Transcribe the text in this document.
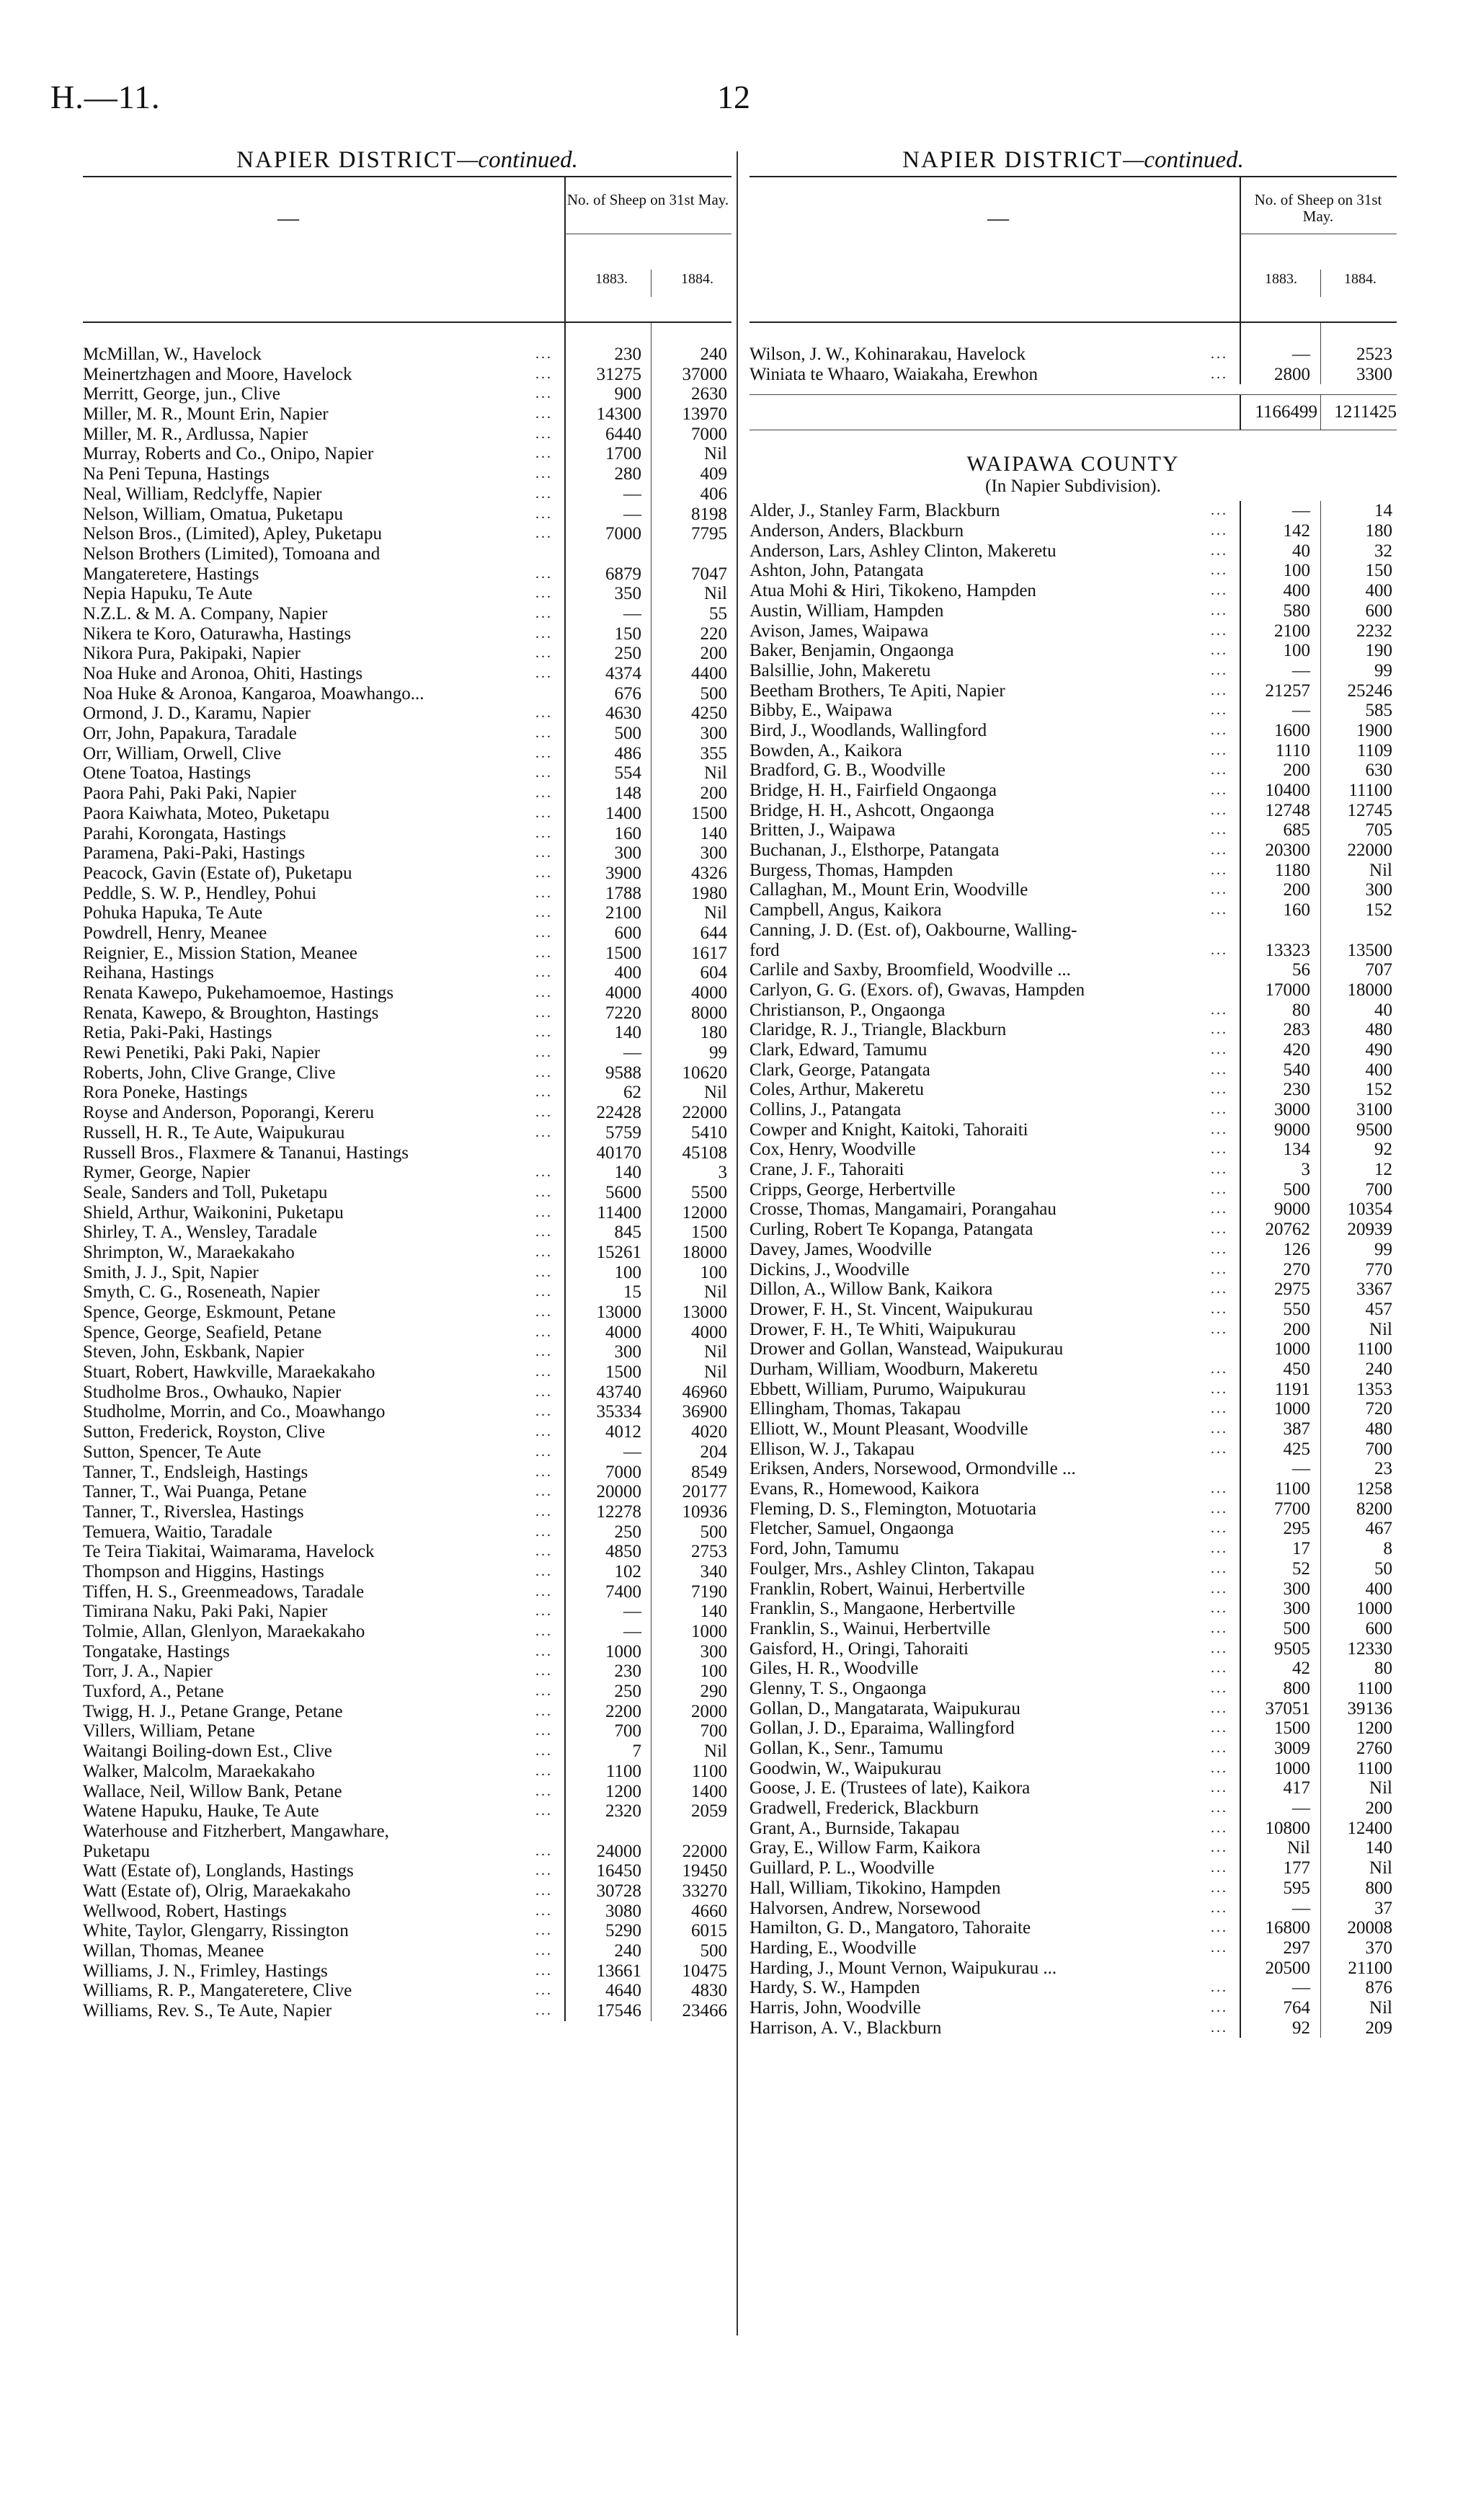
H.—11.	12
NAPIER DISTRICT—continued.
—
No. of Sheep on 31st May.
1883.	1884.
McMillan, W., Havelock	...	230	240
Meinertzhagen and Moore, Havelock	...	31275	37000
Merritt, George, jun., Clive	...	900	2630
Miller, M. R., Mount Erin, Napier	...	14300	13970
Miller, M. R., Ardlussa, Napier	...	6440	7000
Murray, Roberts and Co., Onipo, Napier	...	1700	Nil
Na Peni Tepuna, Hastings	...	280	409
Neal, William, Redclyffe, Napier	...	—	406
Nelson, William, Omatua, Puketapu	...	—	8198
Nelson Bros., (Limited), Apley, Puketapu	...	7000	7795
Nelson Brothers (Limited), Tomoana and
Mangateretere, Hastings	...	6879	7047
Nepia Hapuku, Te Aute	...	350	Nil
N.Z.L. & M. A. Company, Napier	...	—	55
Nikera te Koro, Oaturawha, Hastings	...	150	220
Nikora Pura, Pakipaki, Napier	...	250	200
Noa Huke and Aronoa, Ohiti, Hastings	...	4374	4400
Noa Huke & Aronoa, Kangaroa, Moawhango...	676	500
Ormond, J. D., Karamu, Napier	...	4630	4250
Orr, John, Papakura, Taradale	...	500	300
Orr, William, Orwell, Clive	...	486	355
Otene Toatoa, Hastings	...	554	Nil
Paora Pahi, Paki Paki, Napier	...	148	200
Paora Kaiwhata, Moteo, Puketapu	...	1400	1500
Parahi, Korongata, Hastings	...	160	140
Paramena, Paki-Paki, Hastings	...	300	300
Peacock, Gavin (Estate of), Puketapu	...	3900	4326
Peddle, S. W. P., Hendley, Pohui	...	1788	1980
Pohuka Hapuka, Te Aute	...	2100	Nil
Powdrell, Henry, Meanee	...	600	644
Reignier, E., Mission Station, Meanee	...	1500	1617
Reihana, Hastings	...	400	604
Renata Kawepo, Pukehamoemoe, Hastings	...	4000	4000
Renata, Kawepo, & Broughton, Hastings	...	7220	8000
Retia, Paki-Paki, Hastings	...	140	180
Rewi Penetiki, Paki Paki, Napier	...	—	99
Roberts, John, Clive Grange, Clive	...	9588	10620
Rora Poneke, Hastings	...	62	Nil
Royse and Anderson, Poporangi, Kereru	...	22428	22000
Russell, H. R., Te Aute, Waipukurau	...	5759	5410
Russell Bros., Flaxmere & Tananui, Hastings	40170	45108
Rymer, George, Napier	...	140	3
Seale, Sanders and Toll, Puketapu	...	5600	5500
Shield, Arthur, Waikonini, Puketapu	...	11400	12000
Shirley, T. A., Wensley, Taradale	...	845	1500
Shrimpton, W., Maraekakaho	...	15261	18000
Smith, J. J., Spit, Napier	...	100	100
Smyth, C. G., Roseneath, Napier	...	15	Nil
Spence, George, Eskmount, Petane	...	13000	13000
Spence, George, Seafield, Petane	...	4000	4000
Steven, John, Eskbank, Napier	...	300	Nil
Stuart, Robert, Hawkville, Maraekakaho	...	1500	Nil
Studholme Bros., Owhauko, Napier	...	43740	46960
Studholme, Morrin, and Co., Moawhango	...	35334	36900
Sutton, Frederick, Royston, Clive	...	4012	4020
Sutton, Spencer, Te Aute	...	—	204
Tanner, T., Endsleigh, Hastings	...	7000	8549
Tanner, T., Wai Puanga, Petane	...	20000	20177
Tanner, T., Riverslea, Hastings	...	12278	10936
Temuera, Waitio, Taradale	...	250	500
Te Teira Tiakitai, Waimarama, Havelock	...	4850	2753
Thompson and Higgins, Hastings	...	102	340
Tiffen, H. S., Greenmeadows, Taradale	...	7400	7190
Timirana Naku, Paki Paki, Napier	...	—	140
Tolmie, Allan, Glenlyon, Maraekakaho	...	—	1000
Tongatake, Hastings	...	1000	300
Torr, J. A., Napier	...	230	100
Tuxford, A., Petane	...	250	290
Twigg, H. J., Petane Grange, Petane	...	2200	2000
Villers, William, Petane	...	700	700
Waitangi Boiling-down Est., Clive	...	7	Nil
Walker, Malcolm, Maraekakaho	...	1100	1100
Wallace, Neil, Willow Bank, Petane	...	1200	1400
Watene Hapuku, Hauke, Te Aute	...	2320	2059
Waterhouse and Fitzherbert, Mangawhare,
Puketapu	...	24000	22000
Watt (Estate of), Longlands, Hastings	...	16450	19450
Watt (Estate of), Olrig, Maraekakaho	...	30728	33270
Wellwood, Robert, Hastings	...	3080	4660
White, Taylor, Glengarry, Rissington	...	5290	6015
Willan, Thomas, Meanee	...	240	500
Williams, J. N., Frimley, Hastings	...	13661	10475
Williams, R. P., Mangateretere, Clive	...	4640	4830
Williams, Rev. S., Te Aute, Napier	...	17546	23466
NAPIER DISTRICT—continued.
—
No. of Sheep on 31st May.
1883.	1884.
Wilson, J. W., Kohinarakau, Havelock	...	—	2523
Winiata te Whaaro, Waiakaha, Erewhon	...	2800	3300
1166499 1211425
WAIPAWA COUNTY
(In Napier Subdivision).
Alder, J., Stanley Farm, Blackburn	...	—	14
Anderson, Anders, Blackburn	...	142	180
Anderson, Lars, Ashley Clinton, Makeretu	...	40	32
Ashton, John, Patangata	...	100	150
Atua Mohi & Hiri, Tikokeno, Hampden	...	400	400
Austin, William, Hampden	...	580	600
Avison, James, Waipawa	...	2100	2232
Baker, Benjamin, Ongaonga	...	100	190
Balsillie, John, Makeretu	...	—	99
Beetham Brothers, Te Apiti, Napier	...	21257	25246
Bibby, E., Waipawa	...	—	585
Bird, J., Woodlands, Wallingford	...	1600	1900
Bowden, A., Kaikora	...	1110	1109
Bradford, G. B., Woodville	...	200	630
Bridge, H. H., Fairfield Ongaonga	...	10400	11100
Bridge, H. H., Ashcott, Ongaonga	...	12748	12745
Britten, J., Waipawa	...	685	705
Buchanan, J., Elsthorpe, Patangata	...	20300	22000
Burgess, Thomas, Hampden	...	1180	Nil
Callaghan, M., Mount Erin, Woodville	...	200	300
Campbell, Angus, Kaikora	...	160	152
Canning, J. D. (Est. of), Oakbourne, Walling-
ford	...	13323	13500
Carlile and Saxby, Broomfield, Woodville ...	56	707
Carlyon, G. G. (Exors. of), Gwavas, Hampden	17000	18000
Christianson, P., Ongaonga	...	80	40
Claridge, R. J., Triangle, Blackburn	...	283	480
Clark, Edward, Tamumu	...	420	490
Clark, George, Patangata	...	540	400
Coles, Arthur, Makeretu	...	230	152
Collins, J., Patangata	...	3000	3100
Cowper and Knight, Kaitoki, Tahoraiti	...	9000	9500
Cox, Henry, Woodville	...	134	92
Crane, J. F., Tahoraiti	...	3	12
Cripps, George, Herbertville	...	500	700
Crosse, Thomas, Mangamairi, Porangahau	...	9000	10354
Curling, Robert Te Kopanga, Patangata	...	20762	20939
Davey, James, Woodville	...	126	99
Dickins, J., Woodville	...	270	770
Dillon, A., Willow Bank, Kaikora	...	2975	3367
Drower, F. H., St. Vincent, Waipukurau	...	550	457
Drower, F. H., Te Whiti, Waipukurau	...	200	Nil
Drower and Gollan, Wanstead, Waipukurau	1000	1100
Durham, William, Woodburn, Makeretu	...	450	240
Ebbett, William, Purumo, Waipukurau	...	1191	1353
Ellingham, Thomas, Takapau	...	1000	720
Elliott, W., Mount Pleasant, Woodville	...	387	480
Ellison, W. J., Takapau	...	425	700
Eriksen, Anders, Norsewood, Ormondville ...	—	23
Evans, R., Homewood, Kaikora	...	1100	1258
Fleming, D. S., Flemington, Motuotaria	...	7700	8200
Fletcher, Samuel, Ongaonga	...	295	467
Ford, John, Tamumu	...	17	8
Foulger, Mrs., Ashley Clinton, Takapau	...	52	50
Franklin, Robert, Wainui, Herbertville	...	300	400
Franklin, S., Mangaone, Herbertville	...	300	1000
Franklin, S., Wainui, Herbertville	...	500	600
Gaisford, H., Oringi, Tahoraiti	...	9505	12330
Giles, H. R., Woodville	...	42	80
Glenny, T. S., Ongaonga	...	800	1100
Gollan, D., Mangatarata, Waipukurau	...	37051	39136
Gollan, J. D., Eparaima, Wallingford	...	1500	1200
Gollan, K., Senr., Tamumu	...	3009	2760
Goodwin, W., Waipukurau	...	1000	1100
Goose, J. E. (Trustees of late), Kaikora	...	417	Nil
Gradwell, Frederick, Blackburn	...	—	200
Grant, A., Burnside, Takapau	...	10800	12400
Gray, E., Willow Farm, Kaikora	...	Nil	140
Guillard, P. L., Woodville	...	177	Nil
Hall, William, Tikokino, Hampden	...	595	800
Halvorsen, Andrew, Norsewood	...	—	37
Hamilton, G. D., Mangatoro, Tahoraite	...	16800	20008
Harding, E., Woodville	...	297	370
Harding, J., Mount Vernon, Waipukurau ...	20500	21100
Hardy, S. W., Hampden	...	—	876
Harris, John, Woodville	...	764	Nil
Harrison, A. V., Blackburn	...	92	209
